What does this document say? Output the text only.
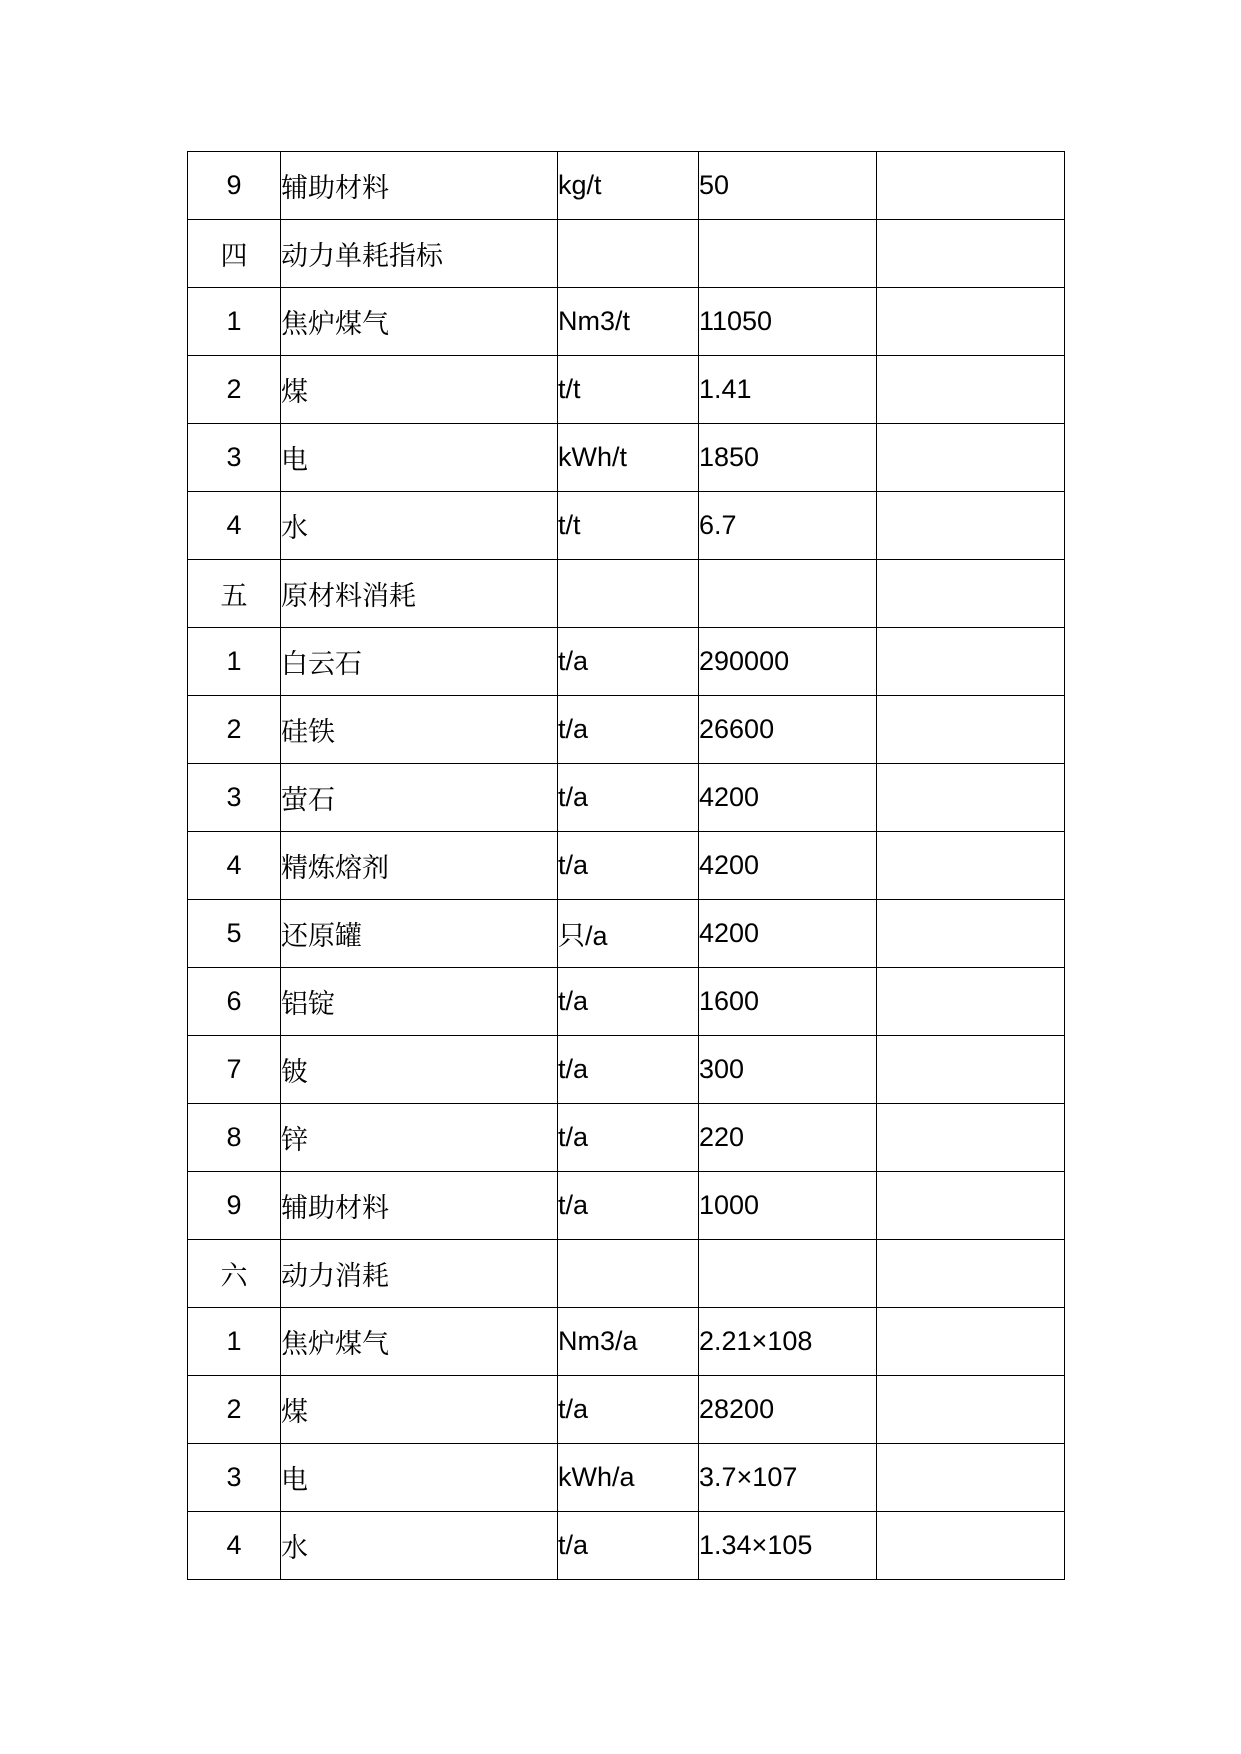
9	辅助材料	kg/t	50	
四	动力单耗指标			
1	焦炉煤气	Nm3/t	11050	
2	煤	t/t	1.41	
3	电	kWh/t	1850	
4	水	t/t	6.7	
五	原材料消耗			
1	白云石	t/a	290000	
2	硅铁	t/a	26600	
3	萤石	t/a	4200	
4	精炼熔剂	t/a	4200	
5	还原罐	只/a	4200	
6	铝锭	t/a	1600	
7	铍	t/a	300	
8	锌	t/a	220	
9	辅助材料	t/a	1000	
六	动力消耗			
1	焦炉煤气	Nm3/a	2.21×108	
2	煤	t/a	28200	
3	电	kWh/a	3.7×107	
4	水	t/a	1.34×105	
